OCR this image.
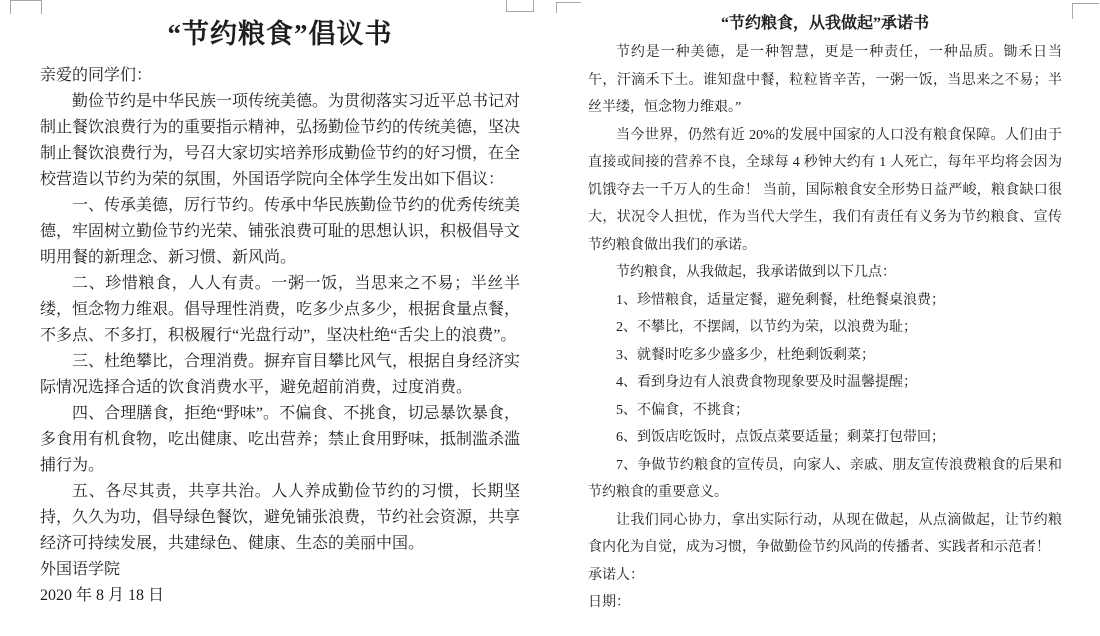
“节约粮食”倡议书

亲爱的同学们：

勤俭节约是中华民族一项传统美德。为贯彻落实习近平总书记对制止餐饮浪费行为的重要指示精神，弘扬勤俭节约的传统美德，坚决制止餐饮浪费行为，号召大家切实培养形成勤俭节约的好习惯，在全校营造以节约为荣的氛围，外国语学院向全体学生发出如下倡议：

一、传承美德，厉行节约。传承中华民族勤俭节约的优秀传统美德，牢固树立勤俭节约光荣、铺张浪费可耻的思想认识，积极倡导文明用餐的新理念、新习惯、新风尚。

二、珍惜粮食，人人有责。一粥一饭，当思来之不易；半丝半缕，恒念物力维艰。倡导理性消费，吃多少点多少，根据食量点餐，不多点、不多打，积极履行“光盘行动”，坚决杜绝“舌尖上的浪费”。

三、杜绝攀比，合理消费。摒弃盲目攀比风气，根据自身经济实际情况选择合适的饮食消费水平，避免超前消费，过度消费。

四、合理膳食，拒绝“野味”。不偏食、不挑食，切忌暴饮暴食，多食用有机食物，吃出健康、吃出营养；禁止食用野味，抵制滥杀滥捕行为。

五、各尽其责，共享共治。人人养成勤俭节约的习惯，长期坚持，久久为功，倡导绿色餐饮，避免铺张浪费，节约社会资源，共享经济可持续发展，共建绿色、健康、生态的美丽中国。

外国语学院

2020 年 8 月 18 日

“节约粮食，从我做起”承诺书

节约是一种美德，是一种智慧，更是一种责任，一种品质。锄禾日当午，汗滴禾下土。谁知盘中餐，粒粒皆辛苦，一粥一饭，当思来之不易；半丝半缕，恒念物力维艰。”

当今世界，仍然有近 20%的发展中国家的人口没有粮食保障。人们由于直接或间接的营养不良，全球每 4 秒钟大约有 1 人死亡，每年平均将会因为饥饿夺去一千万人的生命！ 当前，国际粮食安全形势日益严峻，粮食缺口很大，状况令人担忧，作为当代大学生，我们有责任有义务为节约粮食、宣传节约粮食做出我们的承诺。

节约粮食，从我做起，我承诺做到以下几点：

1、珍惜粮食，适量定餐，避免剩餐，杜绝餐桌浪费；

2、不攀比，不摆阔，以节约为荣，以浪费为耻；

3、就餐时吃多少盛多少，杜绝剩饭剩菜；

4、看到身边有人浪费食物现象要及时温馨提醒；

5、不偏食，不挑食；

6、到饭店吃饭时，点饭点菜要适量；剩菜打包带回；

7、争做节约粮食的宣传员，向家人、亲戚、朋友宣传浪费粮食的后果和节约粮食的重要意义。

让我们同心协力，拿出实际行动，从现在做起，从点滴做起，让节约粮食内化为自觉，成为习惯，争做勤俭节约风尚的传播者、实践者和示范者！

承诺人：

日期：
